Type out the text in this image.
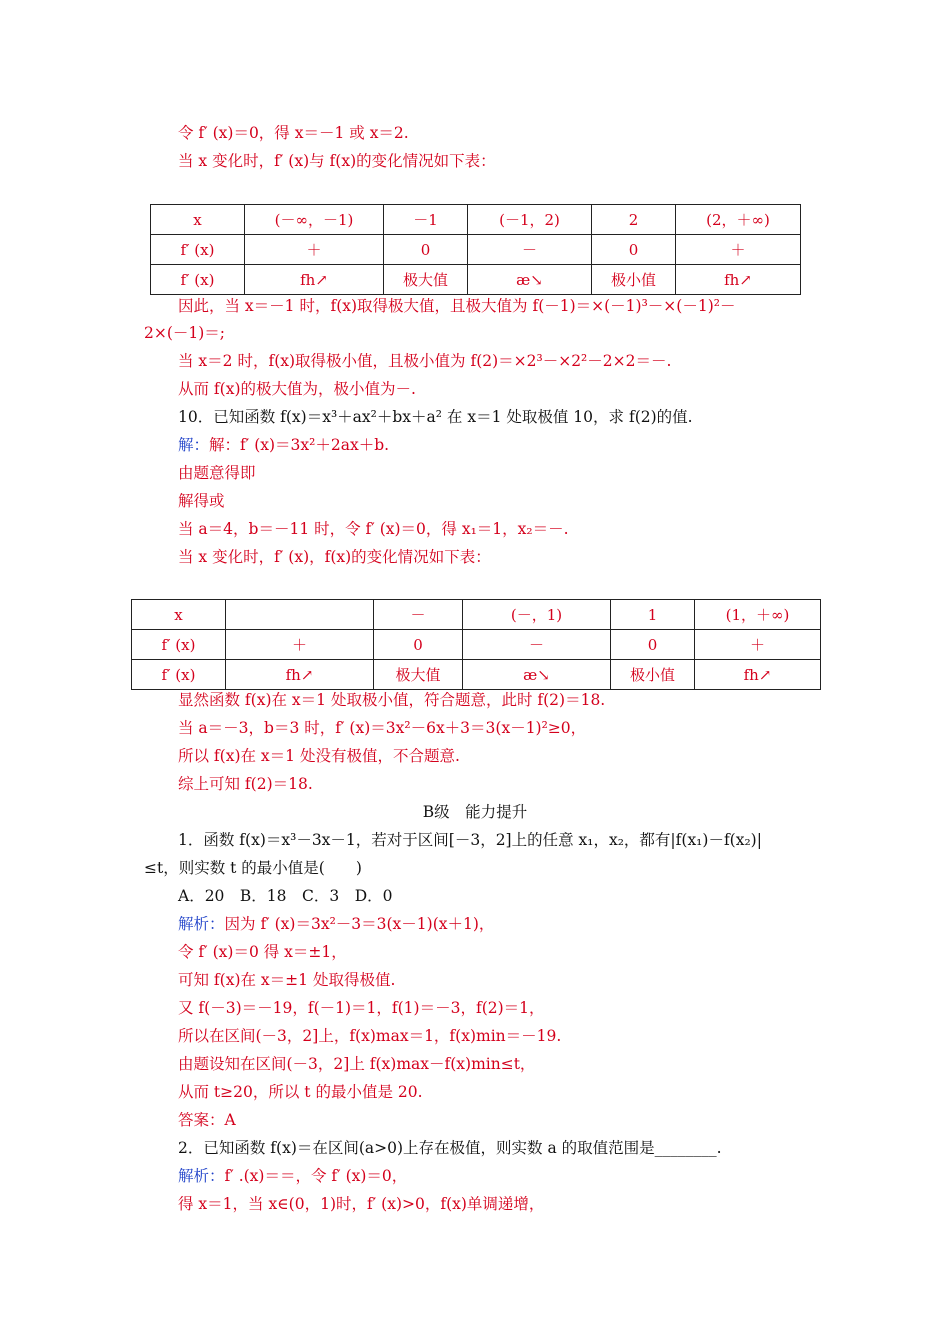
令 f′ (x)＝0，得 x＝－1 或 x＝2.
当 x 变化时，f′ (x)与 f(x)的变化情况如下表：
x	(－∞，－1)	－1	(－1，2)	2	(2，＋∞)
f′ (x)	＋	0	－	0	＋
f′ (x)	fh↗	极大值	æ↘	极小值	fh↗
因此，当 x＝－1 时，f(x)取得极大值，且极大值为 f(－1)＝×(－1)³－×(－1)²－
2×(－1)＝;
当 x＝2 时，f(x)取得极小值，且极小值为 f(2)＝×2³－×2²－2×2＝－.
从而 f(x)的极大值为，极小值为－.
10．已知函数 f(x)＝x³＋ax²＋bx＋a² 在 x＝1 处取极值 10，求 f(2)的值.
解：解：f′ (x)＝3x²＋2ax＋b.
由题意得即
解得或
当 a＝4，b＝－11 时，令 f′ (x)＝0，得 x₁＝1，x₂＝－.
当 x 变化时，f′ (x)，f(x)的变化情况如下表：
x		－	(－，1)	1	(1，＋∞)
f′ (x)	＋	0	－	0	＋
f′ (x)	fh↗	极大值	æ↘	极小值	fh↗
显然函数 f(x)在 x＝1 处取极小值，符合题意，此时 f(2)＝18.
当 a＝－3，b＝3 时，f′ (x)＝3x²－6x＋3＝3(x－1)²≥0，
所以 f(x)在 x＝1 处没有极值，不合题意.
综上可知 f(2)＝18.
B级　能力提升
1．函数 f(x)＝x³－3x－1，若对于区间[－3，2]上的任意 x₁，x₂，都有|f(x₁)－f(x₂)|
≤t，则实数 t 的最小值是(　　)
A．20　B．18　C．3　D．0
解析：因为 f′ (x)＝3x²－3＝3(x－1)(x＋1)，
令 f′ (x)＝0 得 x＝±1，
可知 f(x)在 x＝±1 处取得极值.
又 f(－3)＝－19，f(－1)＝1，f(1)＝－3，f(2)＝1，
所以在区间(－3，2]上，f(x)max＝1，f(x)min＝－19.
由题设知在区间(－3，2]上 f(x)max－f(x)min≤t，
从而 t≥20，所以 t 的最小值是 20.
答案：A
2．已知函数 f(x)＝在区间(a>0)上存在极值，则实数 a 的取值范围是________.
解析：f′ .(x)＝＝，令 f′ (x)＝0，
得 x＝1，当 x∈(0，1)时，f′ (x)>0，f(x)单调递增，
